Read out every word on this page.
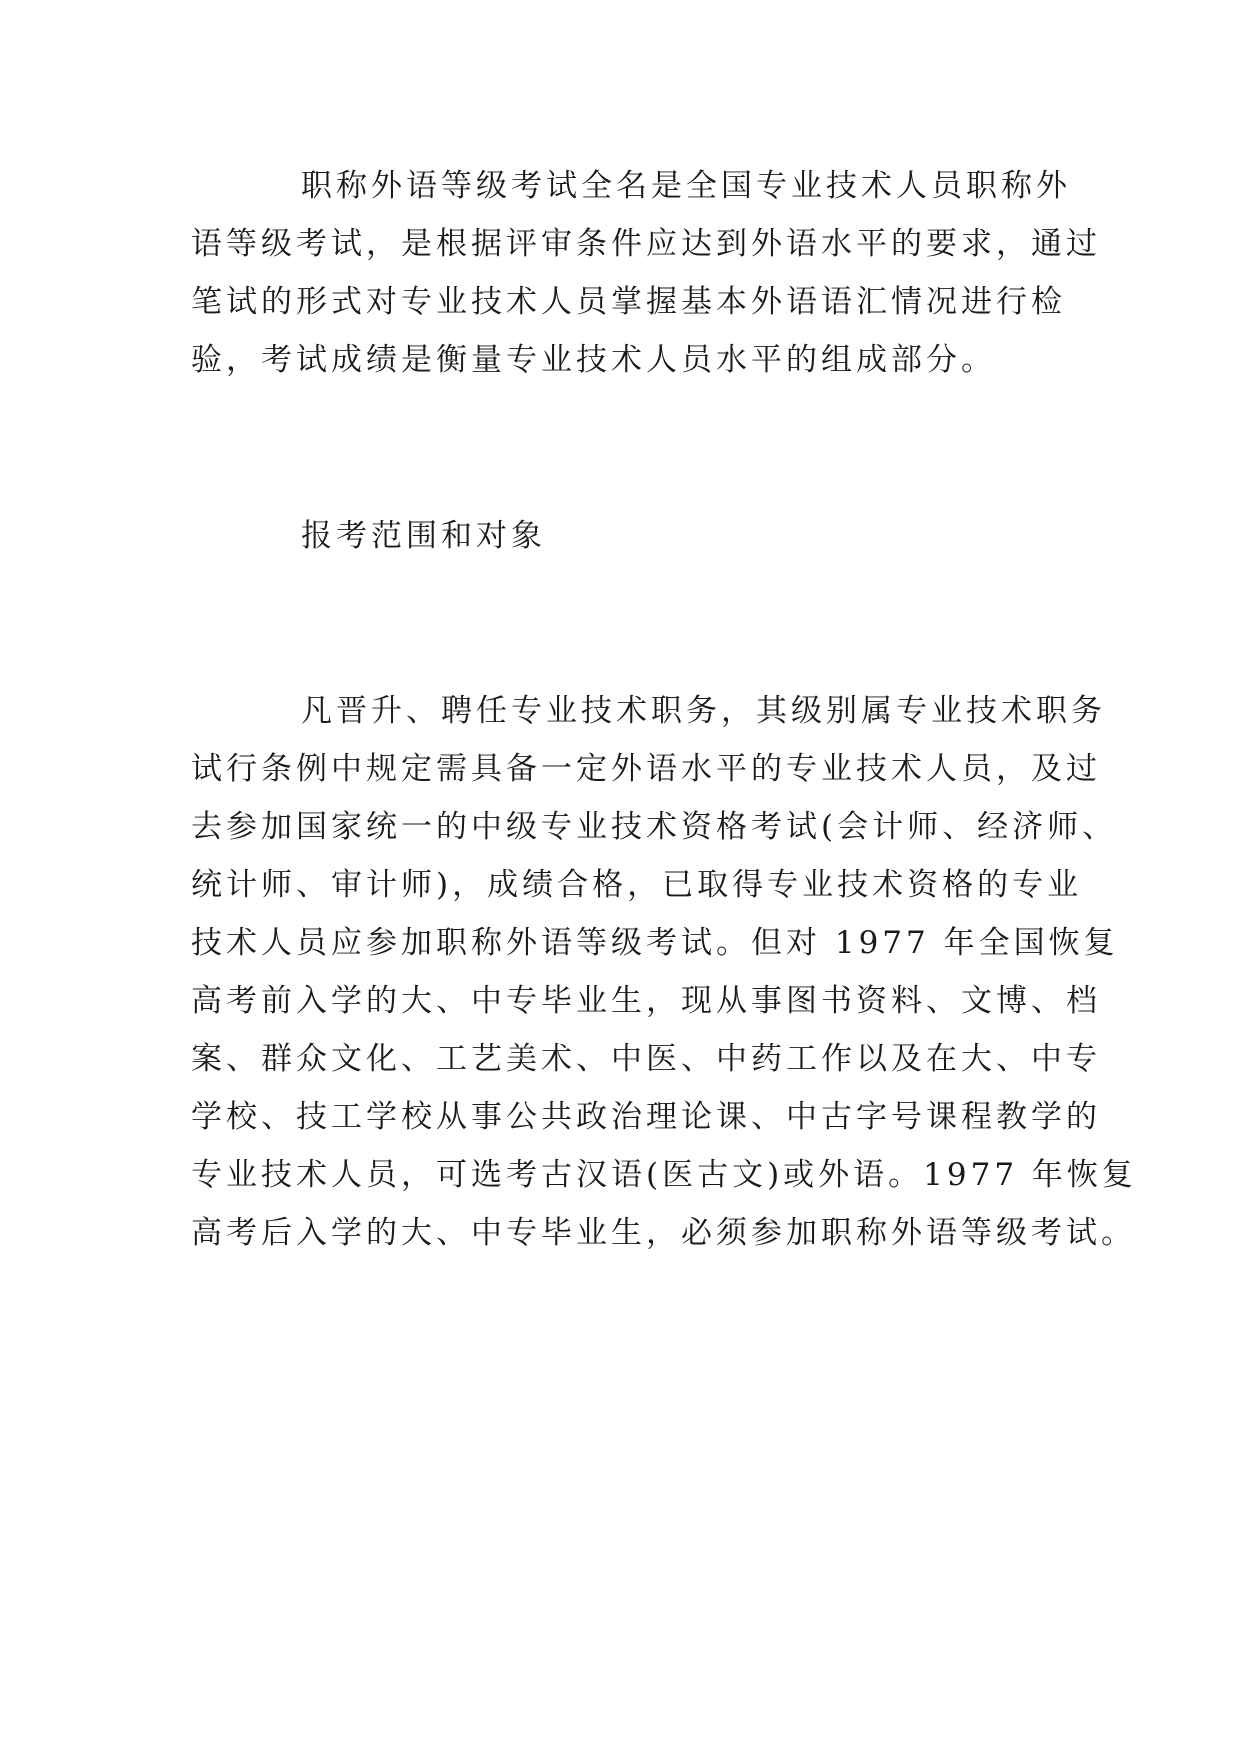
职称外语等级考试全名是全国专业技术人员职称外
语等级考试，是根据评审条件应达到外语水平的要求，通过
笔试的形式对专业技术人员掌握基本外语语汇情况进行检
验，考试成绩是衡量专业技术人员水平的组成部分。
报考范围和对象
凡晋升、聘任专业技术职务，其级别属专业技术职务
试行条例中规定需具备一定外语水平的专业技术人员，及过
去参加国家统一的中级专业技术资格考试(会计师、经济师、
统计师、审计师)，成绩合格，已取得专业技术资格的专业
技术人员应参加职称外语等级考试。但对 1977 年全国恢复
高考前入学的大、中专毕业生，现从事图书资料、文博、档
案、群众文化、工艺美术、中医、中药工作以及在大、中专
学校、技工学校从事公共政治理论课、中古字号课程教学的
专业技术人员，可选考古汉语(医古文)或外语。1977 年恢复
高考后入学的大、中专毕业生，必须参加职称外语等级考试。
